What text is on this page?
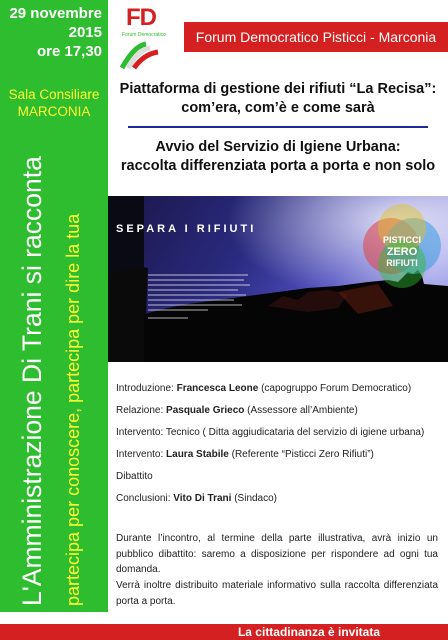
29 novembre
2015
ore 17,30
Sala Consiliare
MARCONIA
L'Amministrazione Di Trani si racconta partecipa per conoscere, partecipa per dire la tua
FD
Forum Democratico	Forum Democratico Pisticci - Marconia
Piattaforma di gestione dei rifiuti “La Recisa”:
com’era, com’è e come sarà
Avvio del Servizio di Igiene Urbana:
raccolta differenziata porta a porta e non solo
PISTICCI
ZERO
RIFIUTI
SEPARA I RIFIUTI
Introduzione: Francesca Leone (capogruppo Forum Democratico)
Relazione: Pasquale Grieco (Assessore all’Ambiente)
Intervento: Tecnico ( Ditta aggiudicataria del servizio di igiene urbana)
Intervento: Laura Stabile (Referente “Pisticci Zero Rifiuti”)
Dibattito
Conclusioni: Vito Di Trani (Sindaco)
Durante l’incontro, al termine della parte illustrativa, avrà inizio un pubblico dibattito: saremo a disposizione per rispondere ad ogni tua domanda.
Verrà inoltre distribuito materiale informativo sulla raccolta differenziata porta a porta.
La cittadinanza è invitata
